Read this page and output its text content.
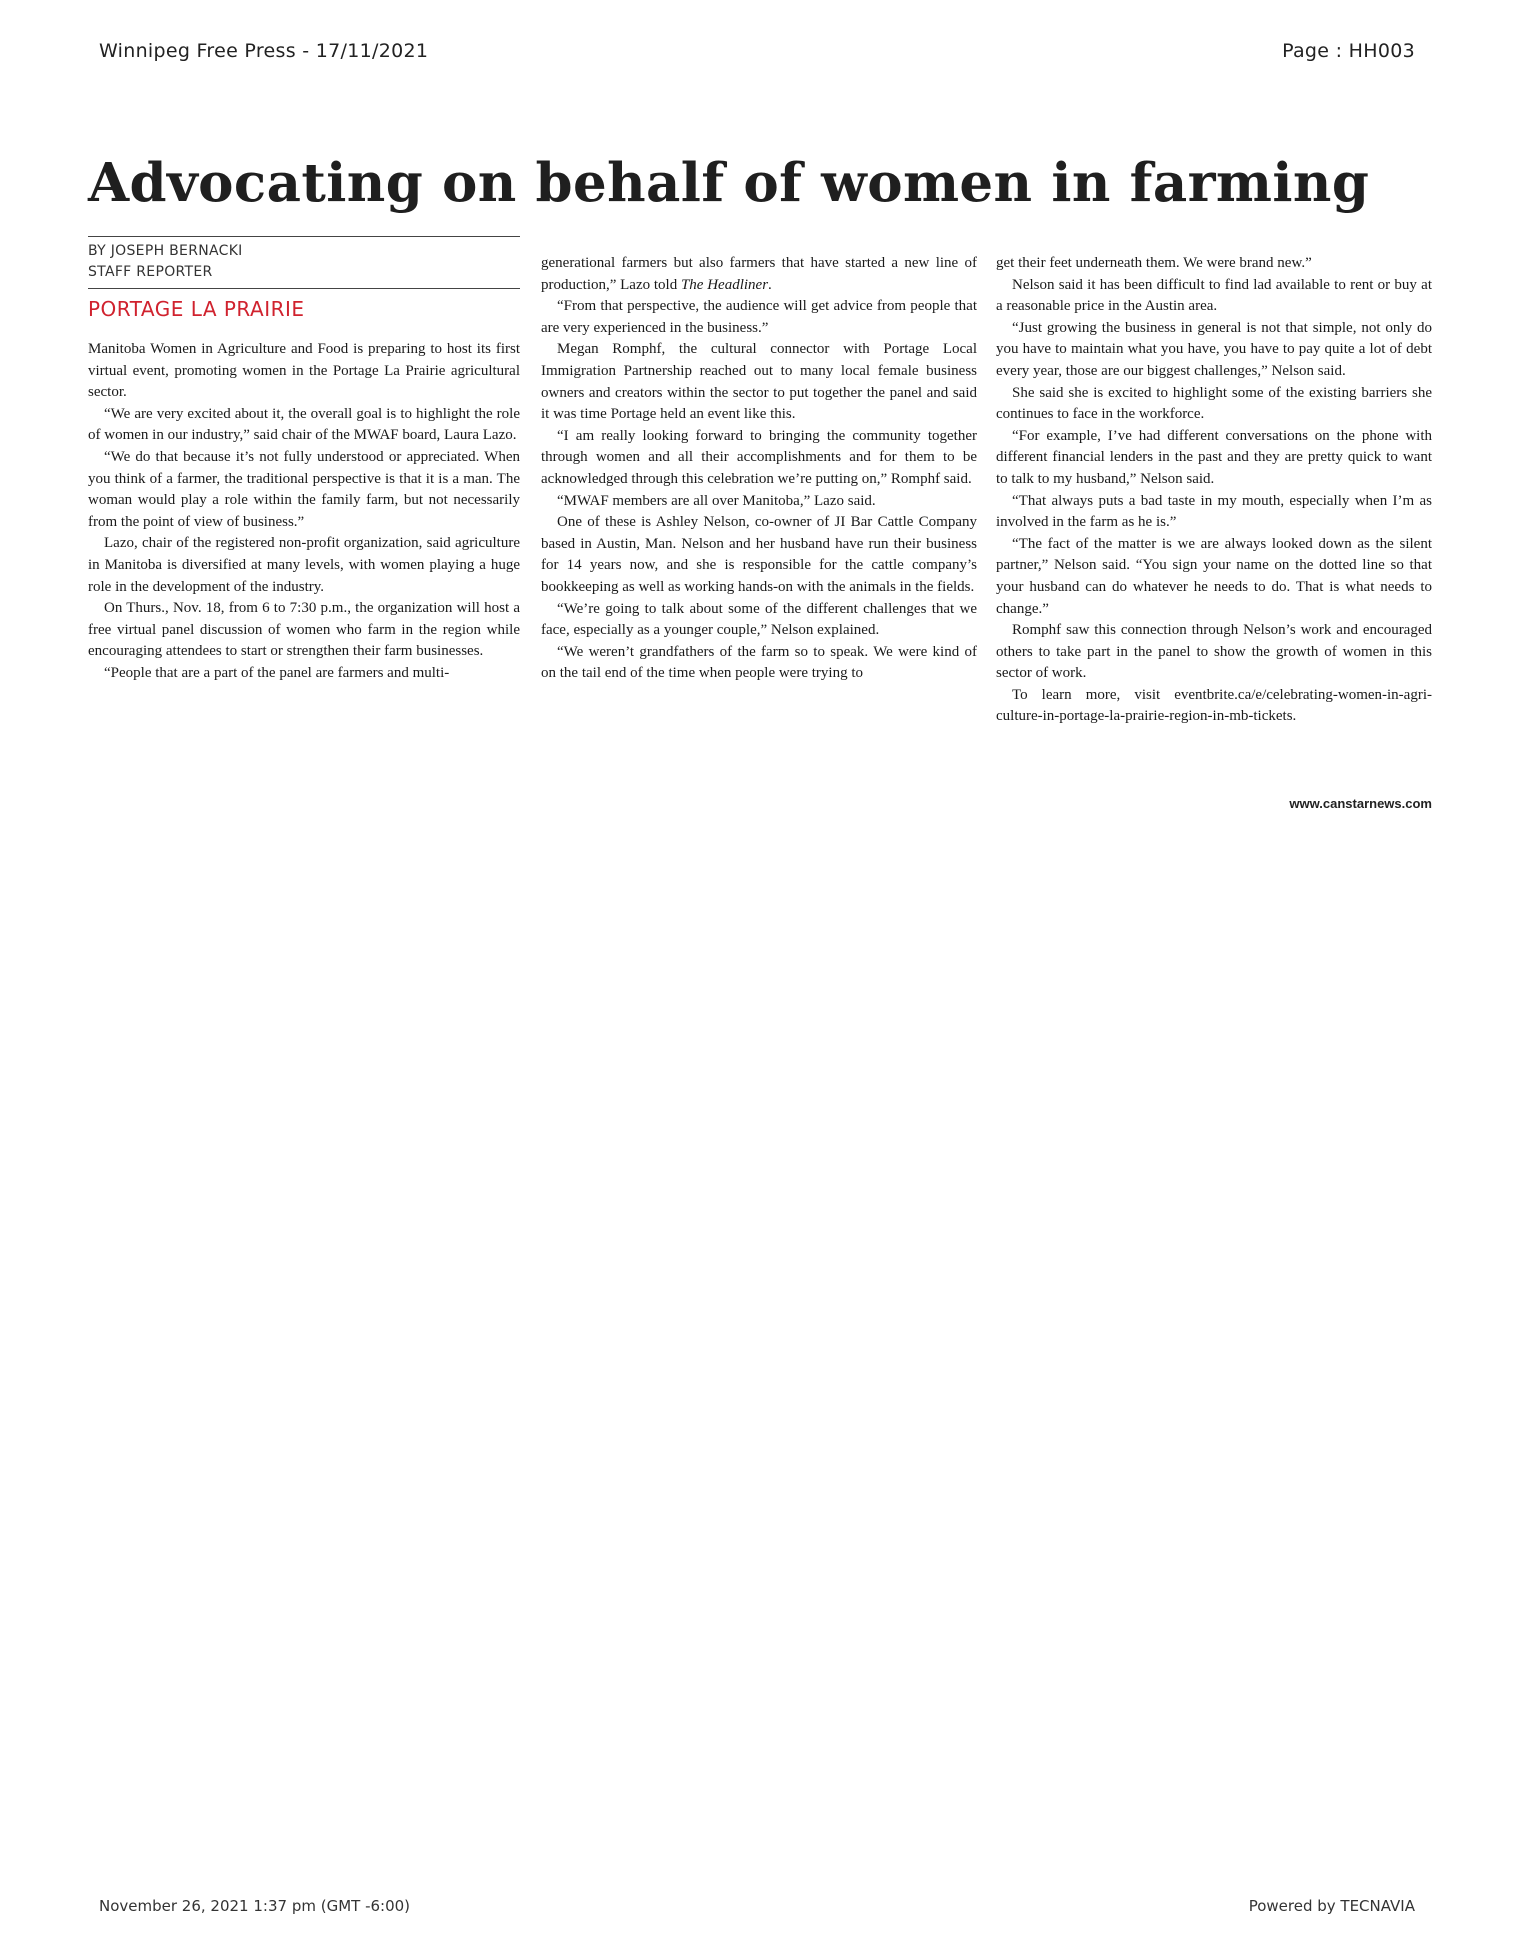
Winnipeg Free Press - 17/11/2021	Page : HH003
Advocating on behalf of women in farming
BY JOSEPH BERNACKI
STAFF REPORTER
PORTAGE LA PRAIRIE

Manitoba Women in Agriculture and Food is preparing to host its first virtual event, promoting women in the Portage La Prairie agricultural sector.

“We are very excited about it, the overall goal is to highlight the role of women in our industry,” said chair of the MWAF board, Laura Lazo.

“We do that because it’s not fully understood or appreciated. When you think of a farmer, the traditional perspective is that it is a man. The woman would play a role within the family farm, but not necessarily from the point of view of business.”

Lazo, chair of the registered non-profit organization, said agriculture in Manitoba is diversified at many levels, with women playing a huge role in the development of the industry.

On Thurs., Nov. 18, from 6 to 7:30 p.m., the organization will host a free virtual panel discussion of women who farm in the region while encouraging attendees to start or strengthen their farm businesses.

“People that are a part of the panel are farmers and multi-

generational farmers but also farmers that have started a new line of production,” Lazo told The Headliner.

“From that perspective, the audience will get advice from people that are very experienced in the business.”

Megan Romphf, the cultural connector with Portage Local Immigration Partnership reached out to many local female business owners and creators within the sector to put together the panel and said it was time Portage held an event like this.

“I am really looking forward to bringing the community together through women and all their accomplishments and for them to be acknowledged through this celebration we’re putting on,” Romphf said.

“MWAF members are all over Manitoba,” Lazo said.

One of these is Ashley Nelson, co-owner of JI Bar Cattle Company based in Austin, Man. Nelson and her husband have run their business for 14 years now, and she is responsible for the cattle company’s bookkeeping as well as working hands-on with the animals in the fields.

“We’re going to talk about some of the different challenges that we face, especially as a younger couple,” Nelson explained.

“We weren’t grandfathers of the farm so to speak. We were kind of on the tail end of the time when people were trying to

get their feet underneath them. We were brand new.”

Nelson said it has been difficult to find lad available to rent or buy at a reasonable price in the Austin area.

“Just growing the business in general is not that simple, not only do you have to maintain what you have, you have to pay quite a lot of debt every year, those are our biggest challenges,” Nelson said.

She said she is excited to highlight some of the existing barriers she continues to face in the workforce.

“For example, I’ve had different conversations on the phone with different financial lenders in the past and they are pretty quick to want to talk to my husband,” Nelson said.

“That always puts a bad taste in my mouth, especially when I’m as involved in the farm as he is.”

“The fact of the matter is we are always looked down as the silent partner,” Nelson said. “You sign your name on the dotted line so that your husband can do whatever he needs to do. That is what needs to change.”

Romphf saw this connection through Nelson’s work and encouraged others to take part in the panel to show the growth of women in this sector of work.

To learn more, visit eventbrite.ca/e/celebrating-women-in-agri-culture-in-portage-la-prairie-region-in-mb-tickets.

www.canstarnews.com
November 26, 2021 1:37 pm (GMT -6:00)	Powered by TECNAVIA
